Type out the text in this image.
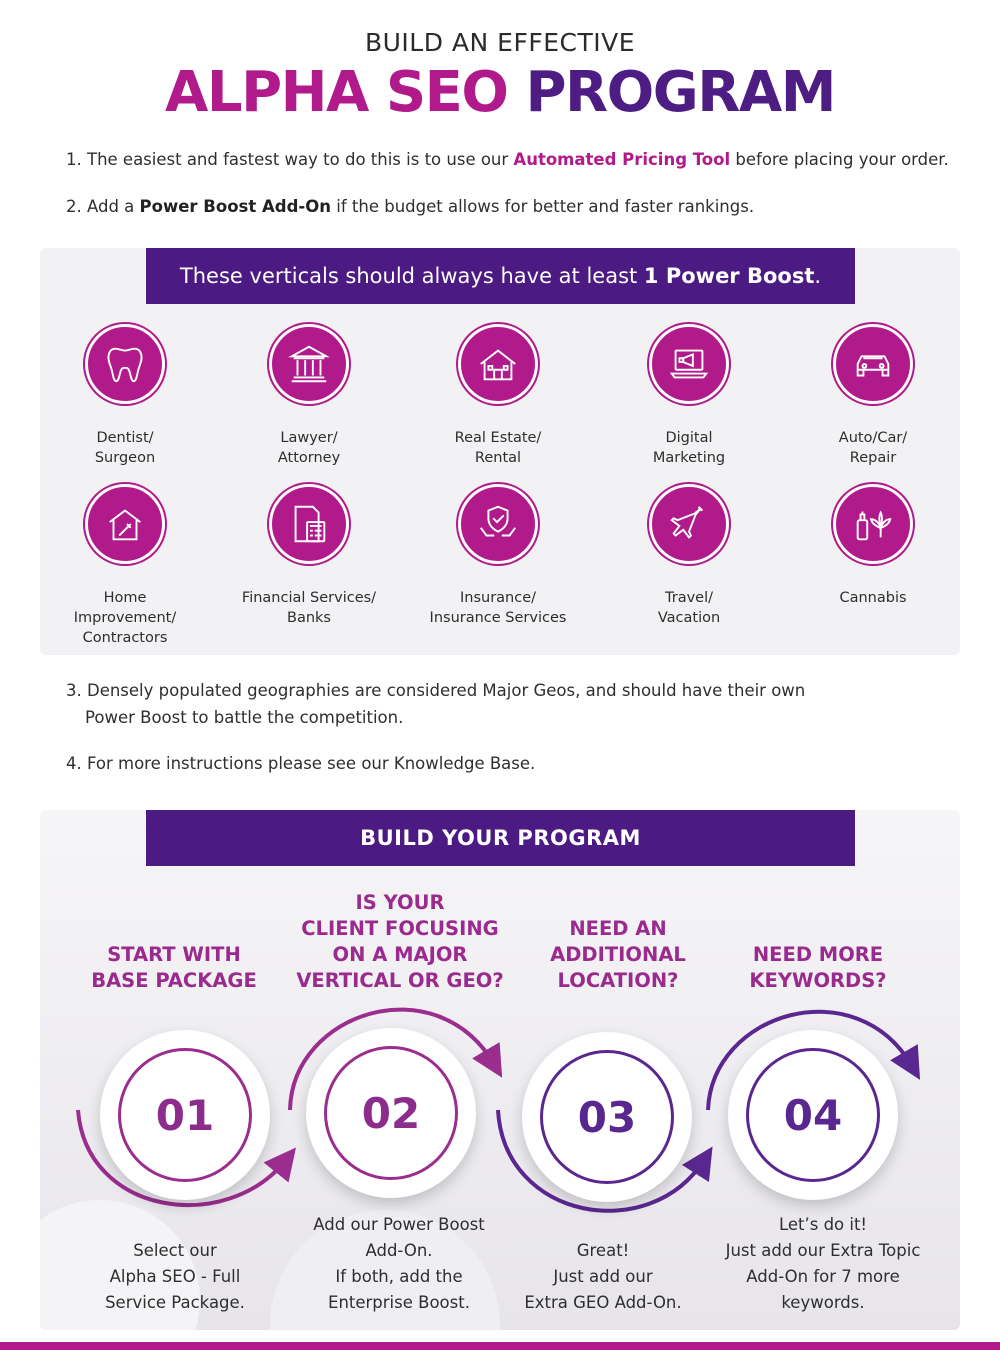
BUILD AN EFFECTIVE
ALPHA SEO PROGRAM
1. The easiest and fastest way to do this is to use our Automated Pricing Tool before placing your order.
2. Add a Power Boost Add-On if the budget allows for better and faster rankings.
These verticals should always have at least 1 Power Boost.
Dentist/
Surgeon
Lawyer/
Attorney
Real Estate/
Rental
Digital
Marketing
Auto/Car/
Repair
Home
Improvement/
Contractors
Financial Services/
Banks
Insurance/
Insurance Services
Travel/
Vacation
Cannabis
3. Densely populated geographies are considered Major Geos, and should have their own
Power Boost to battle the competition.
4. For more instructions please see our Knowledge Base.
BUILD YOUR PROGRAM
START WITH
BASE PACKAGE
IS YOUR
CLIENT FOCUSING
ON A MAJOR
VERTICAL OR GEO?
NEED AN
ADDITIONAL
LOCATION?
NEED MORE
KEYWORDS?
01	02	03	04
Select our
Alpha SEO - Full
Service Package.
Add our Power Boost
Add-On.
If both, add the
Enterprise Boost.
Great!
Just add our
Extra GEO Add-On.
Let’s do it!
Just add our Extra Topic
Add-On for 7 more
keywords.
